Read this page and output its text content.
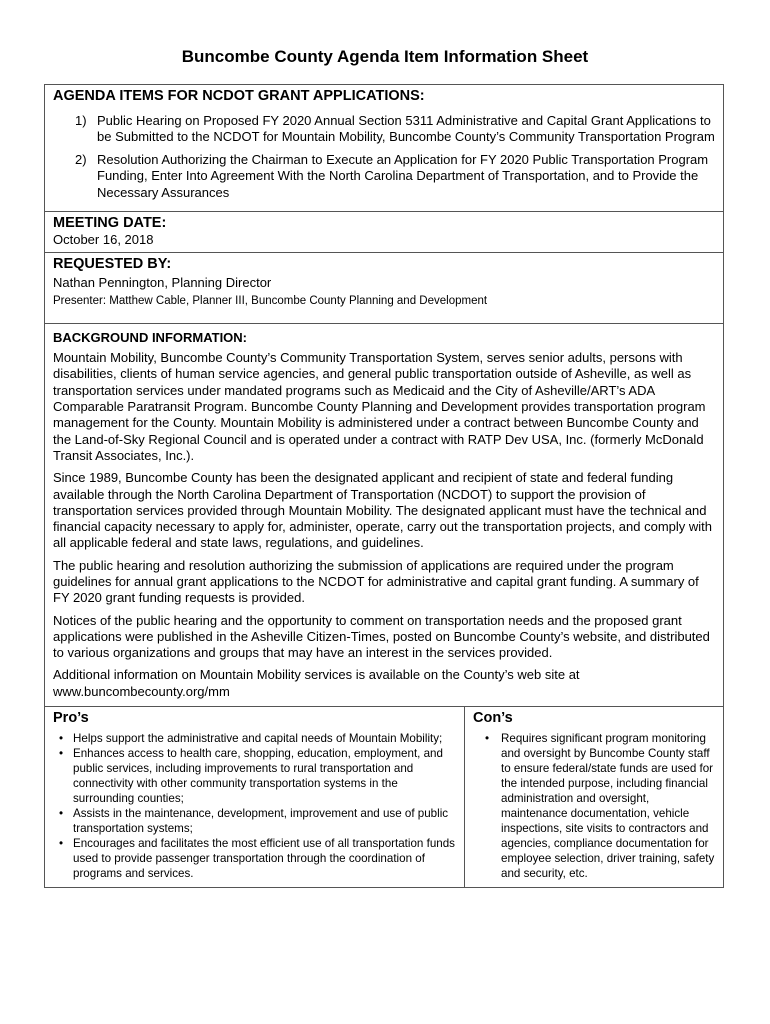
Buncombe County Agenda Item Information Sheet

AGENDA ITEMS FOR NCDOT GRANT APPLICATIONS:

1) Public Hearing on Proposed FY 2020 Annual Section 5311 Administrative and Capital Grant Applications to be Submitted to the NCDOT for Mountain Mobility, Buncombe County’s Community Transportation Program
2) Resolution Authorizing the Chairman to Execute an Application for FY 2020 Public Transportation Program Funding, Enter Into Agreement With the North Carolina Department of Transportation, and to Provide the Necessary Assurances

MEETING DATE:

October 16, 2018

REQUESTED BY:

Nathan Pennington, Planning Director

Presenter: Matthew Cable, Planner III, Buncombe County Planning and Development

BACKGROUND INFORMATION:

Mountain Mobility, Buncombe County’s Community Transportation System, serves senior adults, persons with disabilities, clients of human service agencies, and general public transportation outside of Asheville, as well as transportation services under mandated programs such as Medicaid and the City of Asheville/ART’s ADA Comparable Paratransit Program. Buncombe County Planning and Development provides transportation program management for the County. Mountain Mobility is administered under a contract between Buncombe County and the Land-of-Sky Regional Council and is operated under a contract with RATP Dev USA, Inc. (formerly McDonald Transit Associates, Inc.).

Since 1989, Buncombe County has been the designated applicant and recipient of state and federal funding available through the North Carolina Department of Transportation (NCDOT) to support the provision of transportation services provided through Mountain Mobility. The designated applicant must have the technical and financial capacity necessary to apply for, administer, operate, carry out the transportation projects, and comply with all applicable federal and state laws, regulations, and guidelines.

The public hearing and resolution authorizing the submission of applications are required under the program guidelines for annual grant applications to the NCDOT for administrative and capital grant funding. A summary of FY 2020 grant funding requests is provided.

Notices of the public hearing and the opportunity to comment on transportation needs and the proposed grant applications were published in the Asheville Citizen-Times, posted on Buncombe County’s website, and distributed to various organizations and groups that may have an interest in the services provided.

Additional information on Mountain Mobility services is available on the County’s web site at www.buncombecounty.org/mm

Pro’s

• Helps support the administrative and capital needs of Mountain Mobility;
• Enhances access to health care, shopping, education, employment, and public services, including improvements to rural transportation and connectivity with other community transportation systems in the surrounding counties;
• Assists in the maintenance, development, improvement and use of public transportation systems;
• Encourages and facilitates the most efficient use of all transportation funds used to provide passenger transportation through the coordination of programs and services.

Con’s

• Requires significant program monitoring and oversight by Buncombe County staff to ensure federal/state funds are used for the intended purpose, including financial administration and oversight, maintenance documentation, vehicle inspections, site visits to contractors and agencies, compliance documentation for employee selection, driver training, safety and security, etc.
